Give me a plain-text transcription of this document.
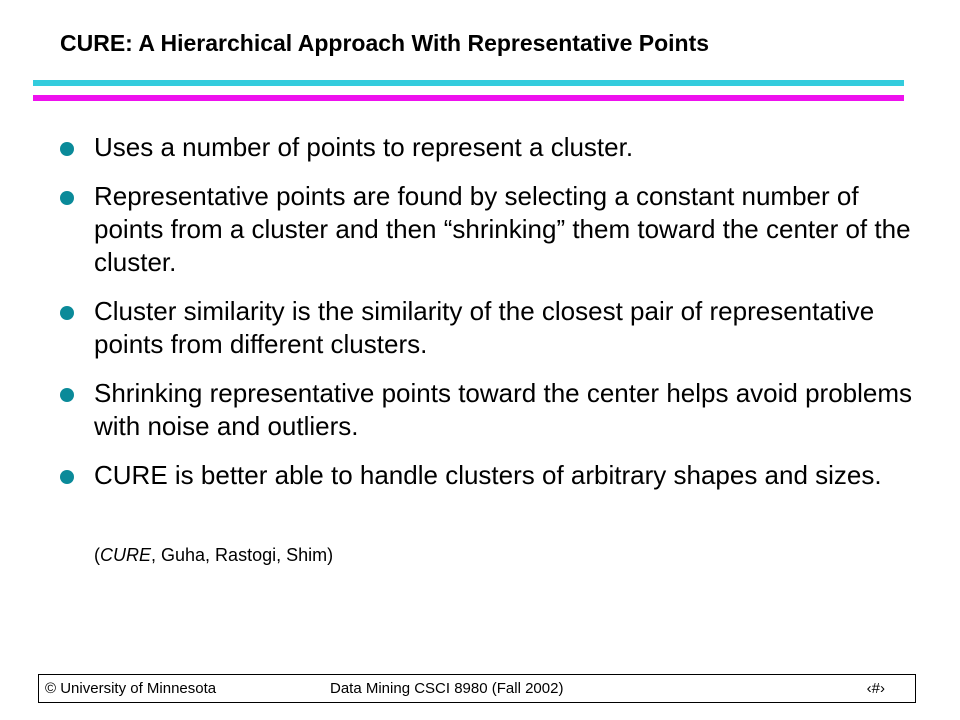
CURE: A Hierarchical Approach With Representative Points
Uses a number of points to represent a cluster.
Representative points are found by selecting a constant number of points from a cluster and then “shrinking” them toward the center of the cluster.
Cluster similarity is the similarity of the closest pair of representative points from different clusters.
Shrinking representative points toward the center helps avoid problems with noise and outliers.
CURE is better able to handle clusters of arbitrary shapes and sizes.
(CURE, Guha, Rastogi, Shim)
© University of Minnesota	Data Mining CSCI 8980 (Fall 2002)	‹#›
